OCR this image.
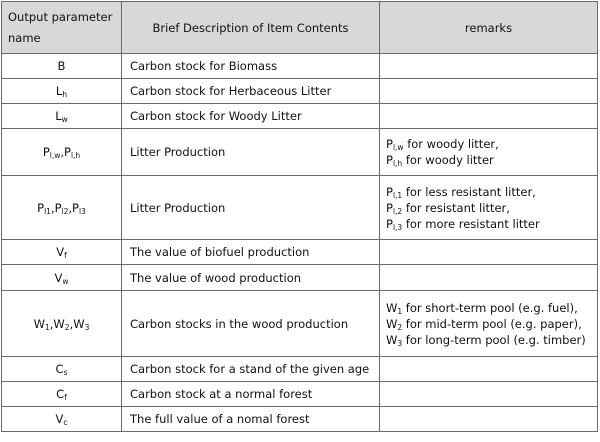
Output parameter name	Brief Description of Item Contents	remarks
B	Carbon stock for Biomass	
$L_h$	Carbon stock for Herbaceous Litter	
$L_w$	Carbon stock for Woody Litter	
$P_{l,w},P_{l,h}$	Litter Production	$P_{l,w}$ for woody litter,
$P_{l,h}$ for woody litter

$P_{l1},P_{l2},P_{l3}$	Litter Production	$P_{l,1}$ for less resistant litter,
$P_{l,2}$ for resistant litter,
$P_{l,3}$ for more resistant litter

$V_f$	The value of biofuel production	
$V_w$	The value of wood production	
$W_1,W_2,W_3$	Carbon stocks in the wood production	$W_1$ for short-term pool (e.g. fuel),
$W_2$ for mid-term pool (e.g. paper),
$W_3$ for long-term pool (e.g. timber)

$C_s$	Carbon stock for a stand of the given age	
$C_f$	Carbon stock at a normal forest	
$V_c$	The full value of a nomal forest	
